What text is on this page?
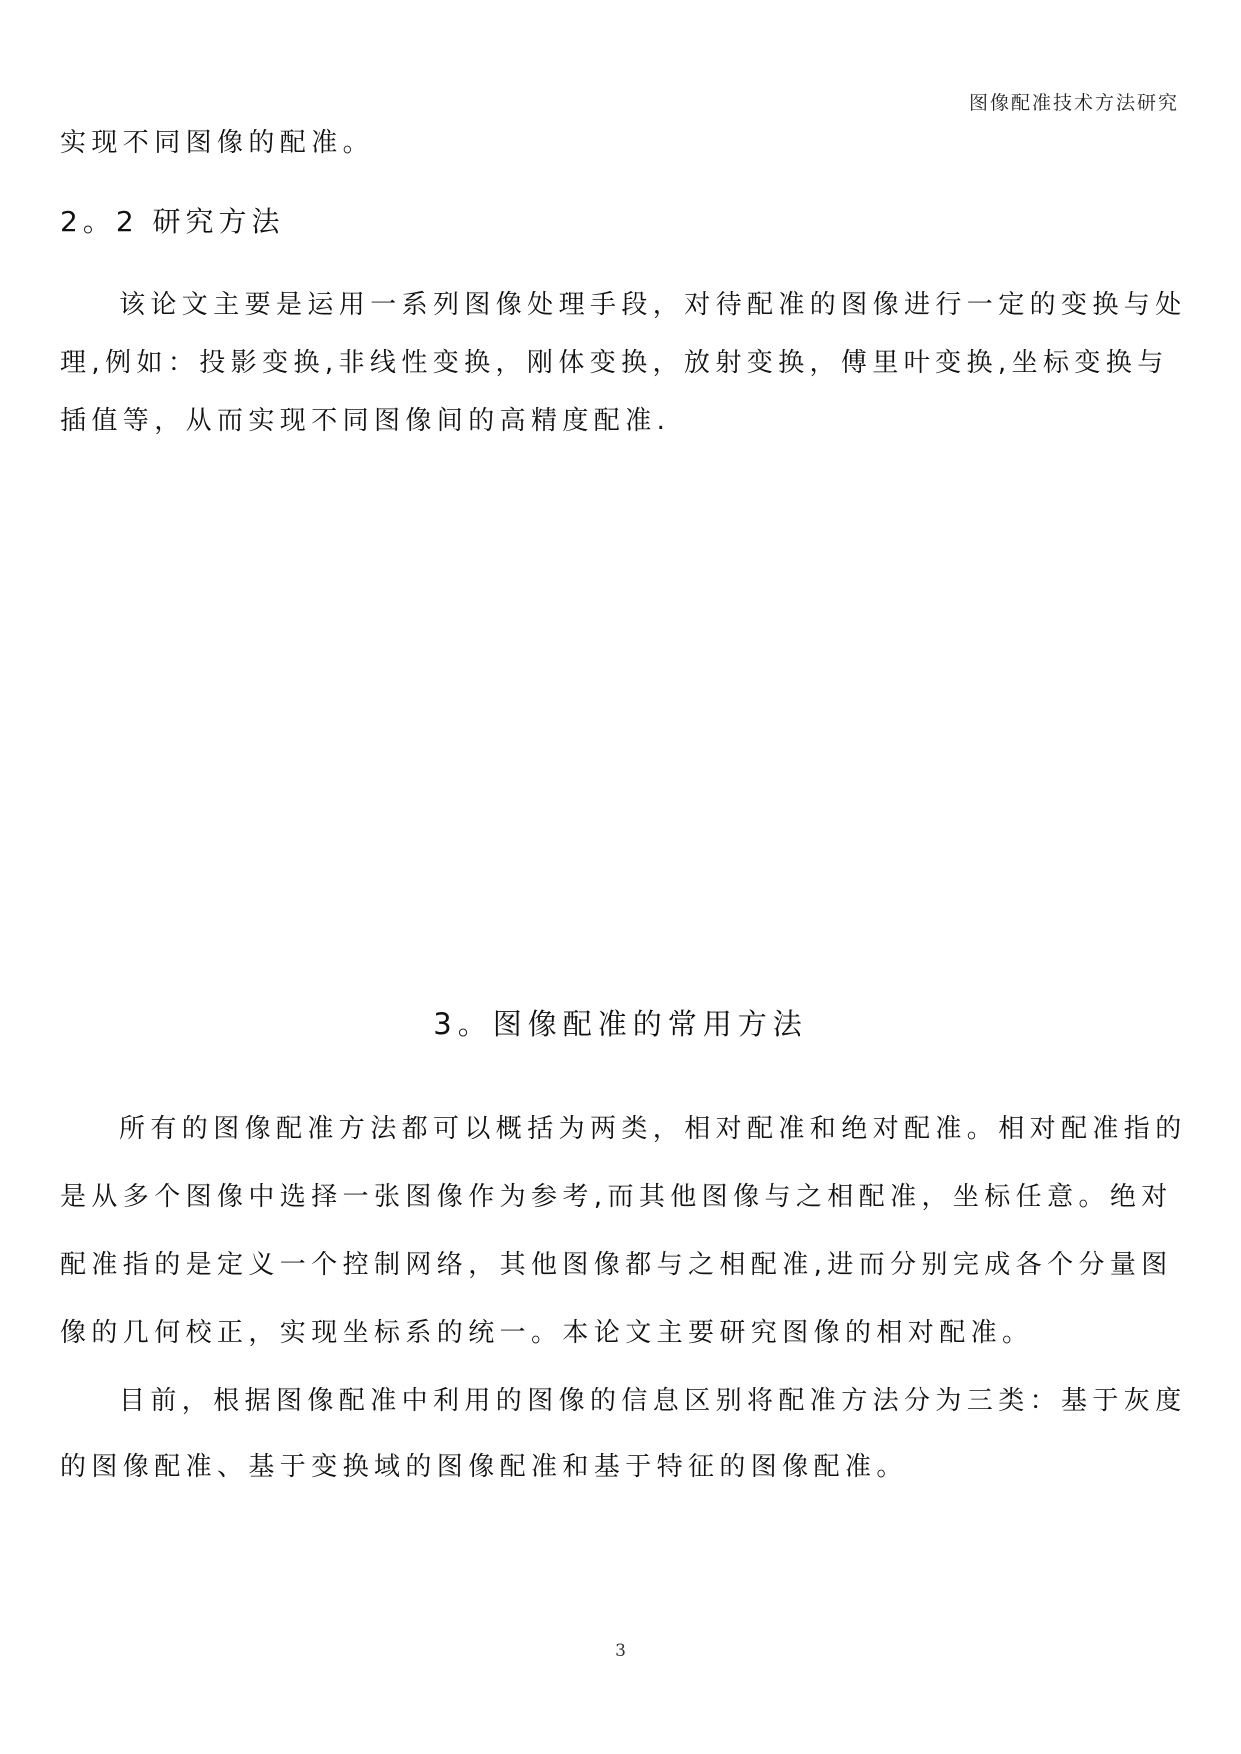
图像配准技术方法研究
实现不同图像的配准。
2。2 研究方法
该论文主要是运用一系列图像处理手段，对待配准的图像进行一定的变换与处
理,例如：投影变换,非线性变换，刚体变换，放射变换，傅里叶变换,坐标变换与
插值等，从而实现不同图像间的高精度配准.
3。图像配准的常用方法
所有的图像配准方法都可以概括为两类，相对配准和绝对配准。相对配准指的
是从多个图像中选择一张图像作为参考,而其他图像与之相配准，坐标任意。绝对
配准指的是定义一个控制网络，其他图像都与之相配准,进而分别完成各个分量图
像的几何校正，实现坐标系的统一。本论文主要研究图像的相对配准。
目前，根据图像配准中利用的图像的信息区别将配准方法分为三类：基于灰度
的图像配准、基于变换域的图像配准和基于特征的图像配准。
3
